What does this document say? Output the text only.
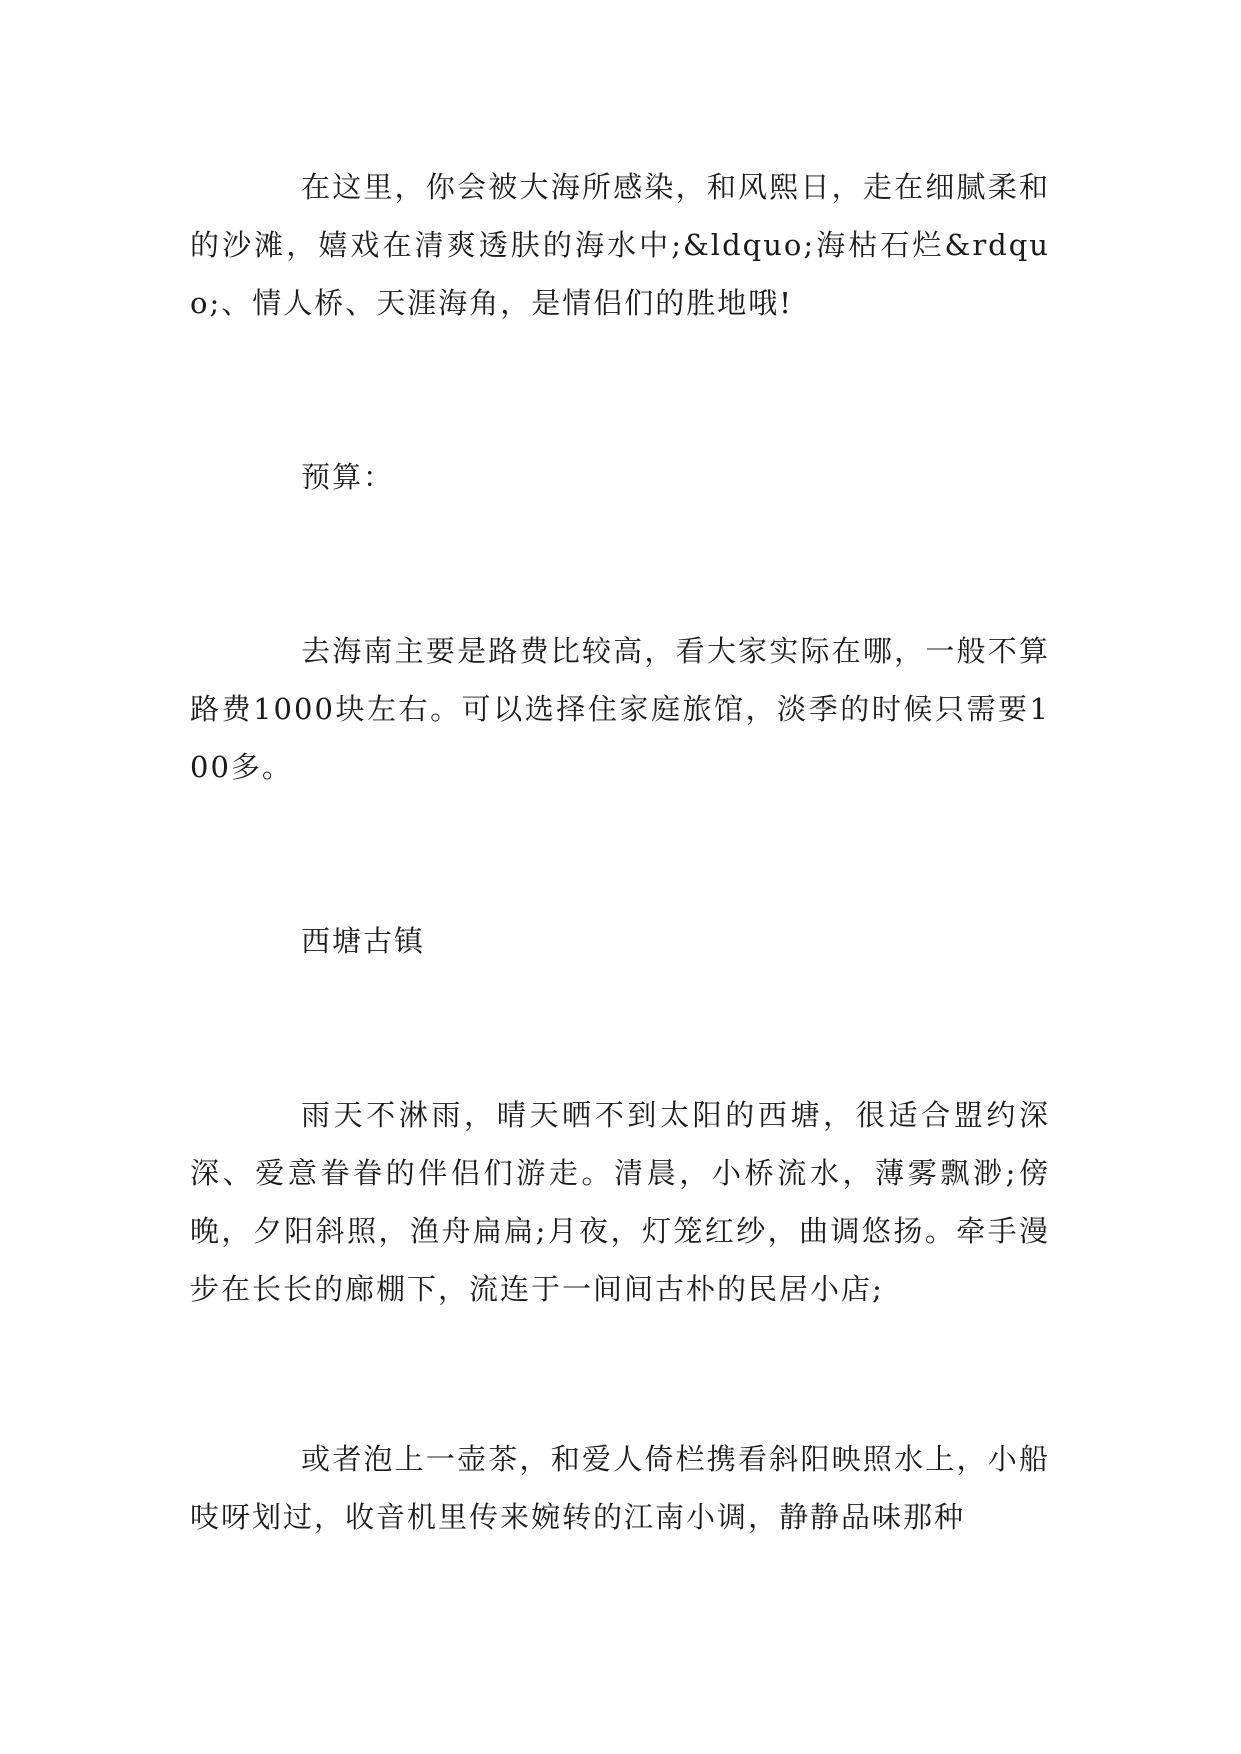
在这里，你会被大海所感染，和风熙日，走在细腻柔和的沙滩，嬉戏在清爽透肤的海水中;&ldquo;海枯石烂&rdquo;、情人桥、天涯海角，是情侣们的胜地哦!

预算：

去海南主要是路费比较高，看大家实际在哪，一般不算路费1000块左右。可以选择住家庭旅馆，淡季的时候只需要100多。

西塘古镇

雨天不淋雨，晴天晒不到太阳的西塘，很适合盟约深深、爱意眷眷的伴侣们游走。清晨，小桥流水，薄雾飘渺;傍晚，夕阳斜照，渔舟扁扁;月夜，灯笼红纱，曲调悠扬。牵手漫步在长长的廊棚下，流连于一间间古朴的民居小店;

或者泡上一壶茶，和爱人倚栏携看斜阳映照水上，小船吱呀划过，收音机里传来婉转的江南小调，静静品味那种
